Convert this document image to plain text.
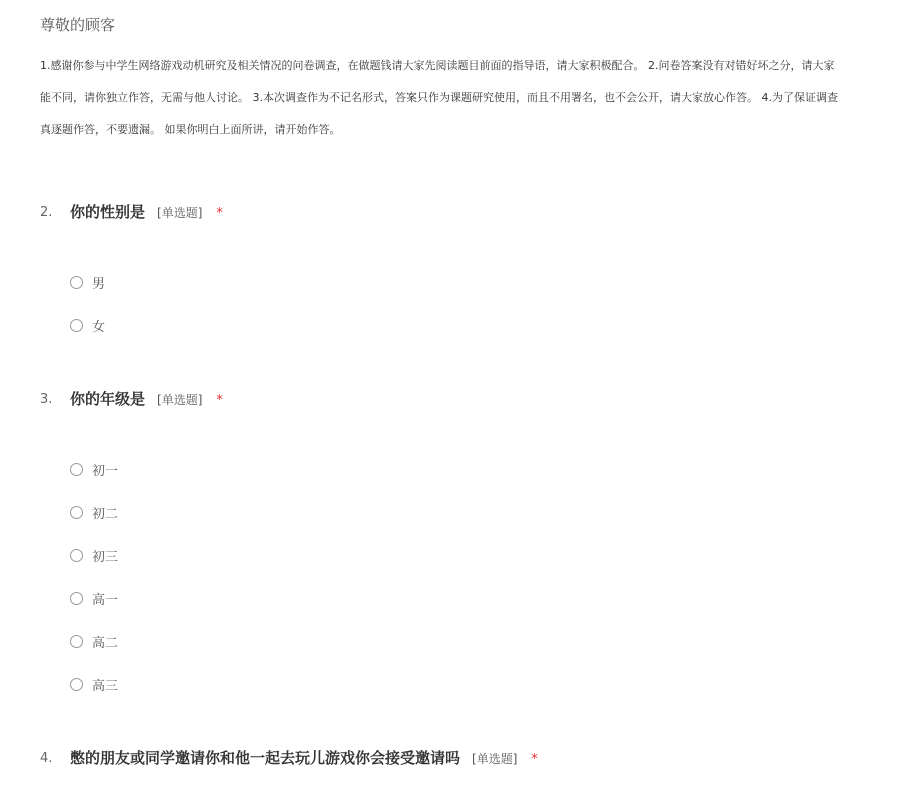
尊敬的顾客

1.感谢你参与中学生网络游戏动机研究及相关情况的问卷调查，在做题钱请大家先阅读题目前面的指导语，请大家积极配合。 2.问卷答案没有对错好坏之分，请大家

能不同，请你独立作答，无需与他人讨论。 3.本次调查作为不记名形式，答案只作为课题研究使用，而且不用署名，也不会公开，请大家放心作答。 4.为了保证调查

真逐题作答，不要遗漏。 如果你明白上面所讲，请开始作答。

2. 你的性别是 [单选题] *
男
女
3. 你的年级是 [单选题] *
初一
初二
初三
高一
高二
高三
4. 憋的朋友或同学邀请你和他一起去玩儿游戏你会接受邀请吗 [单选题] *
